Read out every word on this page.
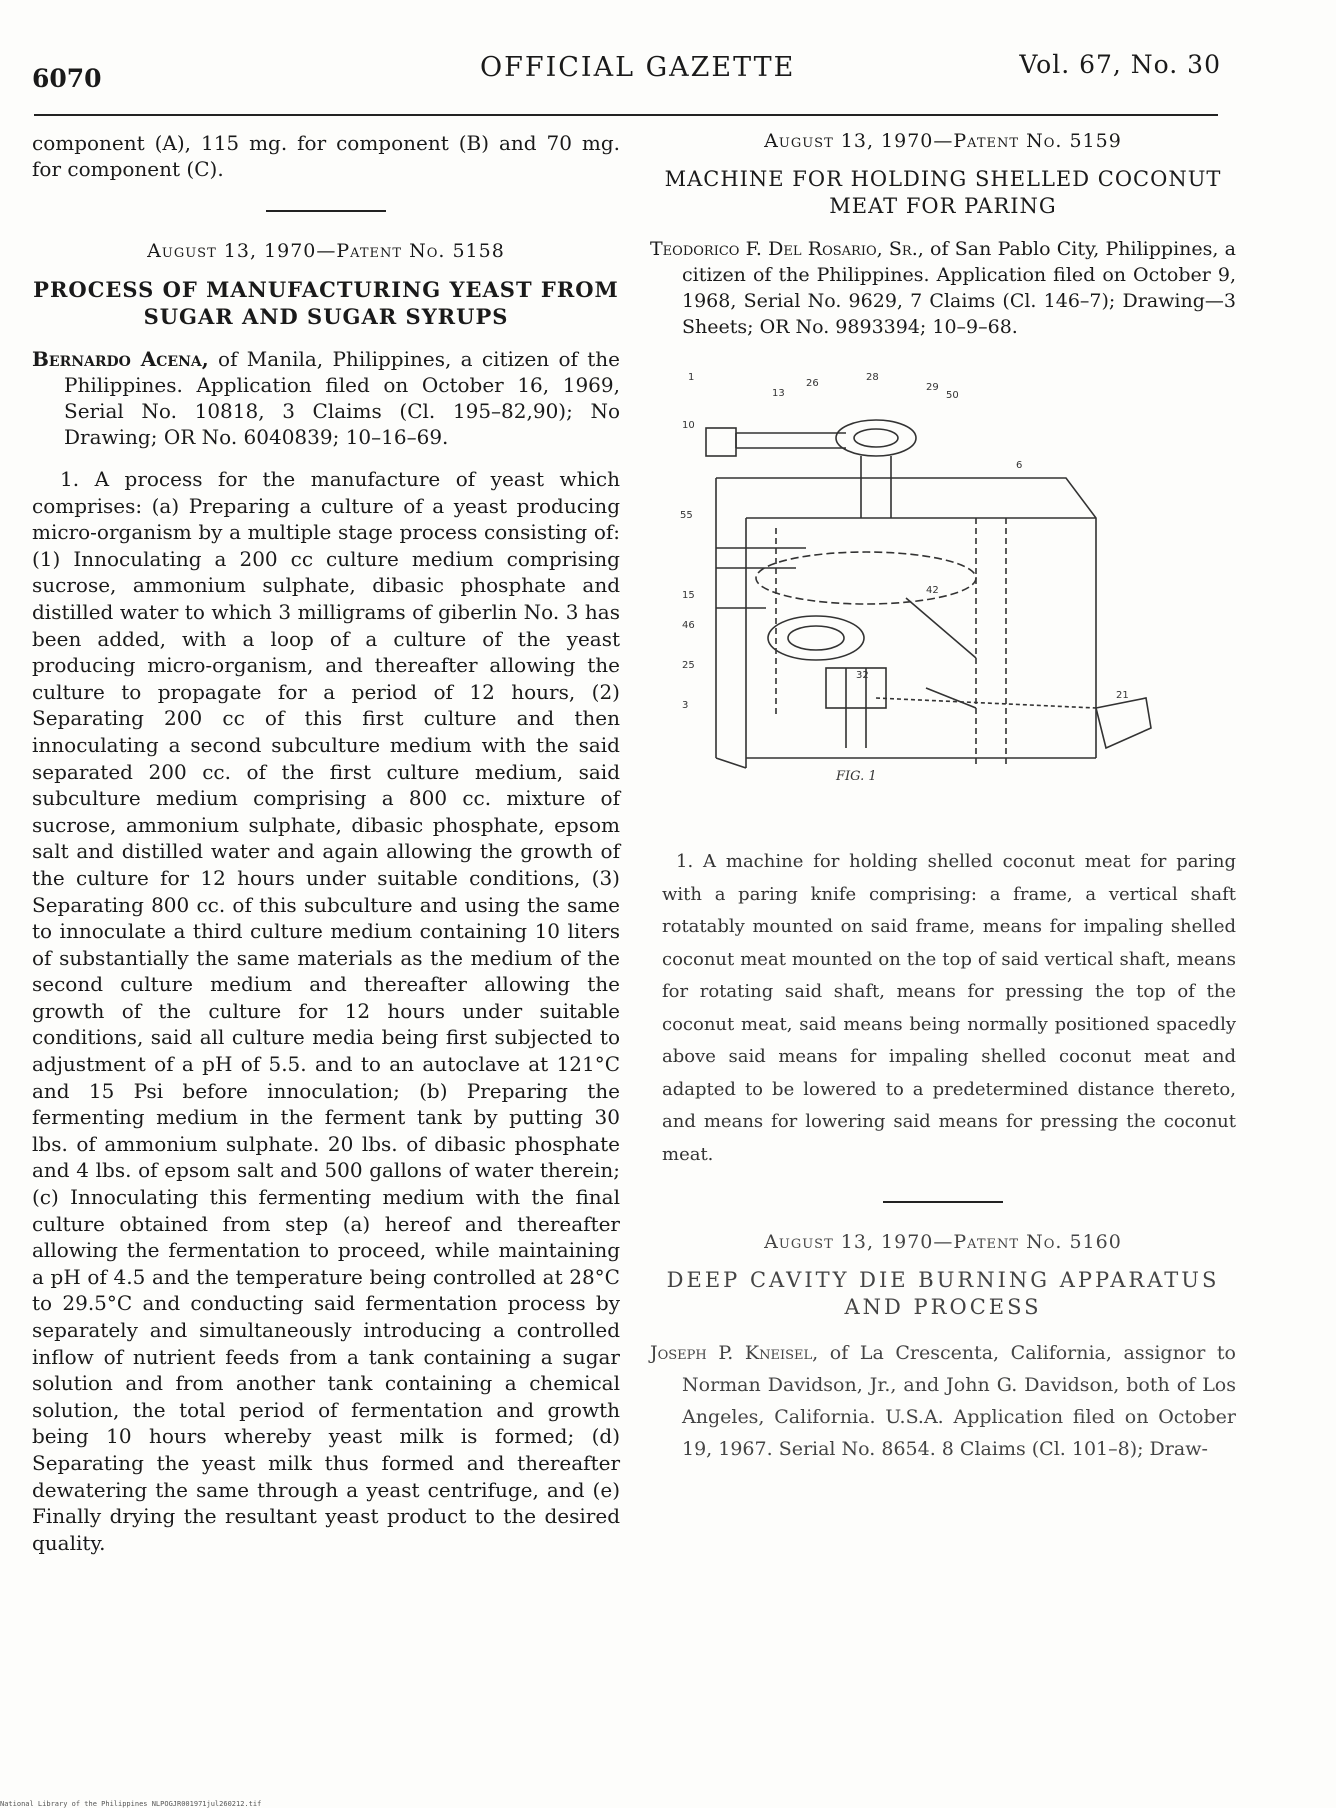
6070	OFFICIAL GAZETTE	Vol. 67, No. 30
component (A), 115 mg. for component (B) and 70 mg. for component (C).
August 13, 1970—Patent No. 5158
PROCESS OF MANUFACTURING YEAST FROM SUGAR AND SUGAR SYRUPS
Bernardo Acena, of Manila, Philippines, a citizen of the Philippines. Application filed on October 16, 1969, Serial No. 10818, 3 Claims (Cl. 195–82,90); No Drawing; OR No. 6040839; 10–16–69.

1. A process for the manufacture of yeast which comprises: (a) Preparing a culture of a yeast producing micro-organism by a multiple stage process consisting of: (1) Innoculating a 200 cc culture medium comprising sucrose, ammonium sulphate, dibasic phosphate and distilled water to which 3 milligrams of giberlin No. 3 has been added, with a loop of a culture of the yeast producing micro-organism, and thereafter allowing the culture to propagate for a period of 12 hours, (2) Separating 200 cc of this first culture and then innoculating a second subculture medium with the said separated 200 cc. of the first culture medium, said subculture medium comprising a 800 cc. mixture of sucrose, ammonium sulphate, dibasic phosphate, epsom salt and distilled water and again allowing the growth of the culture for 12 hours under suitable conditions, (3) Separating 800 cc. of this subculture and using the same to innoculate a third culture medium containing 10 liters of substantially the same materials as the medium of the second culture medium and thereafter allowing the growth of the culture for 12 hours under suitable conditions, said all culture media being first subjected to adjustment of a pH of 5.5. and to an autoclave at 121°C and 15 Psi before innoculation; (b) Preparing the fermenting medium in the ferment tank by putting 30 lbs. of ammonium sulphate. 20 lbs. of dibasic phosphate and 4 lbs. of epsom salt and 500 gallons of water therein; (c) Innoculating this fermenting medium with the final culture obtained from step (a) hereof and thereafter allowing the fermentation to proceed, while maintaining a pH of 4.5 and the temperature being controlled at 28°C to 29.5°C and conducting said fermentation process by separately and simultaneously introducing a controlled inflow of nutrient feeds from a tank containing a sugar solution and from another tank containing a chemical solution, the total period of fermentation and growth being 10 hours whereby yeast milk is formed; (d) Separating the yeast milk thus formed and thereafter dewatering the same through a yeast centrifuge, and (e) Finally drying the resultant yeast product to the desired quality.

August 13, 1970—Patent No. 5159
MACHINE FOR HOLDING SHELLED COCONUT MEAT FOR PARING
Teodorico F. Del Rosario, Sr., of San Pablo City, Philippines, a citizen of the Philippines. Application filed on October 9, 1968, Serial No. 9629, 7 Claims (Cl. 146–7); Drawing—3 Sheets; OR No. 9893394; 10–9–68.
1
13
26
28
29
50
6
10
55
15
46
25
3
32
42
21
FIG. 1

1. A machine for holding shelled coconut meat for paring with a paring knife comprising: a frame, a vertical shaft rotatably mounted on said frame, means for impaling shelled coconut meat mounted on the top of said vertical shaft, means for rotating said shaft, means for pressing the top of the coconut meat, said means being normally positioned spacedly above said means for impaling shelled coconut meat and adapted to be lowered to a predetermined distance thereto, and means for lowering said means for pressing the coconut meat.

August 13, 1970—Patent No. 5160
DEEP CAVITY DIE BURNING APPARATUS AND PROCESS
Joseph P. Kneisel, of La Crescenta, California, assignor to Norman Davidson, Jr., and John G. Davidson, both of Los Angeles, California. U.S.A. Application filed on October 19, 1967. Serial No. 8654. 8 Claims (Cl. 101–8); Draw-
National Library of the Philippines NLPOGJR001971jul260212.tif
